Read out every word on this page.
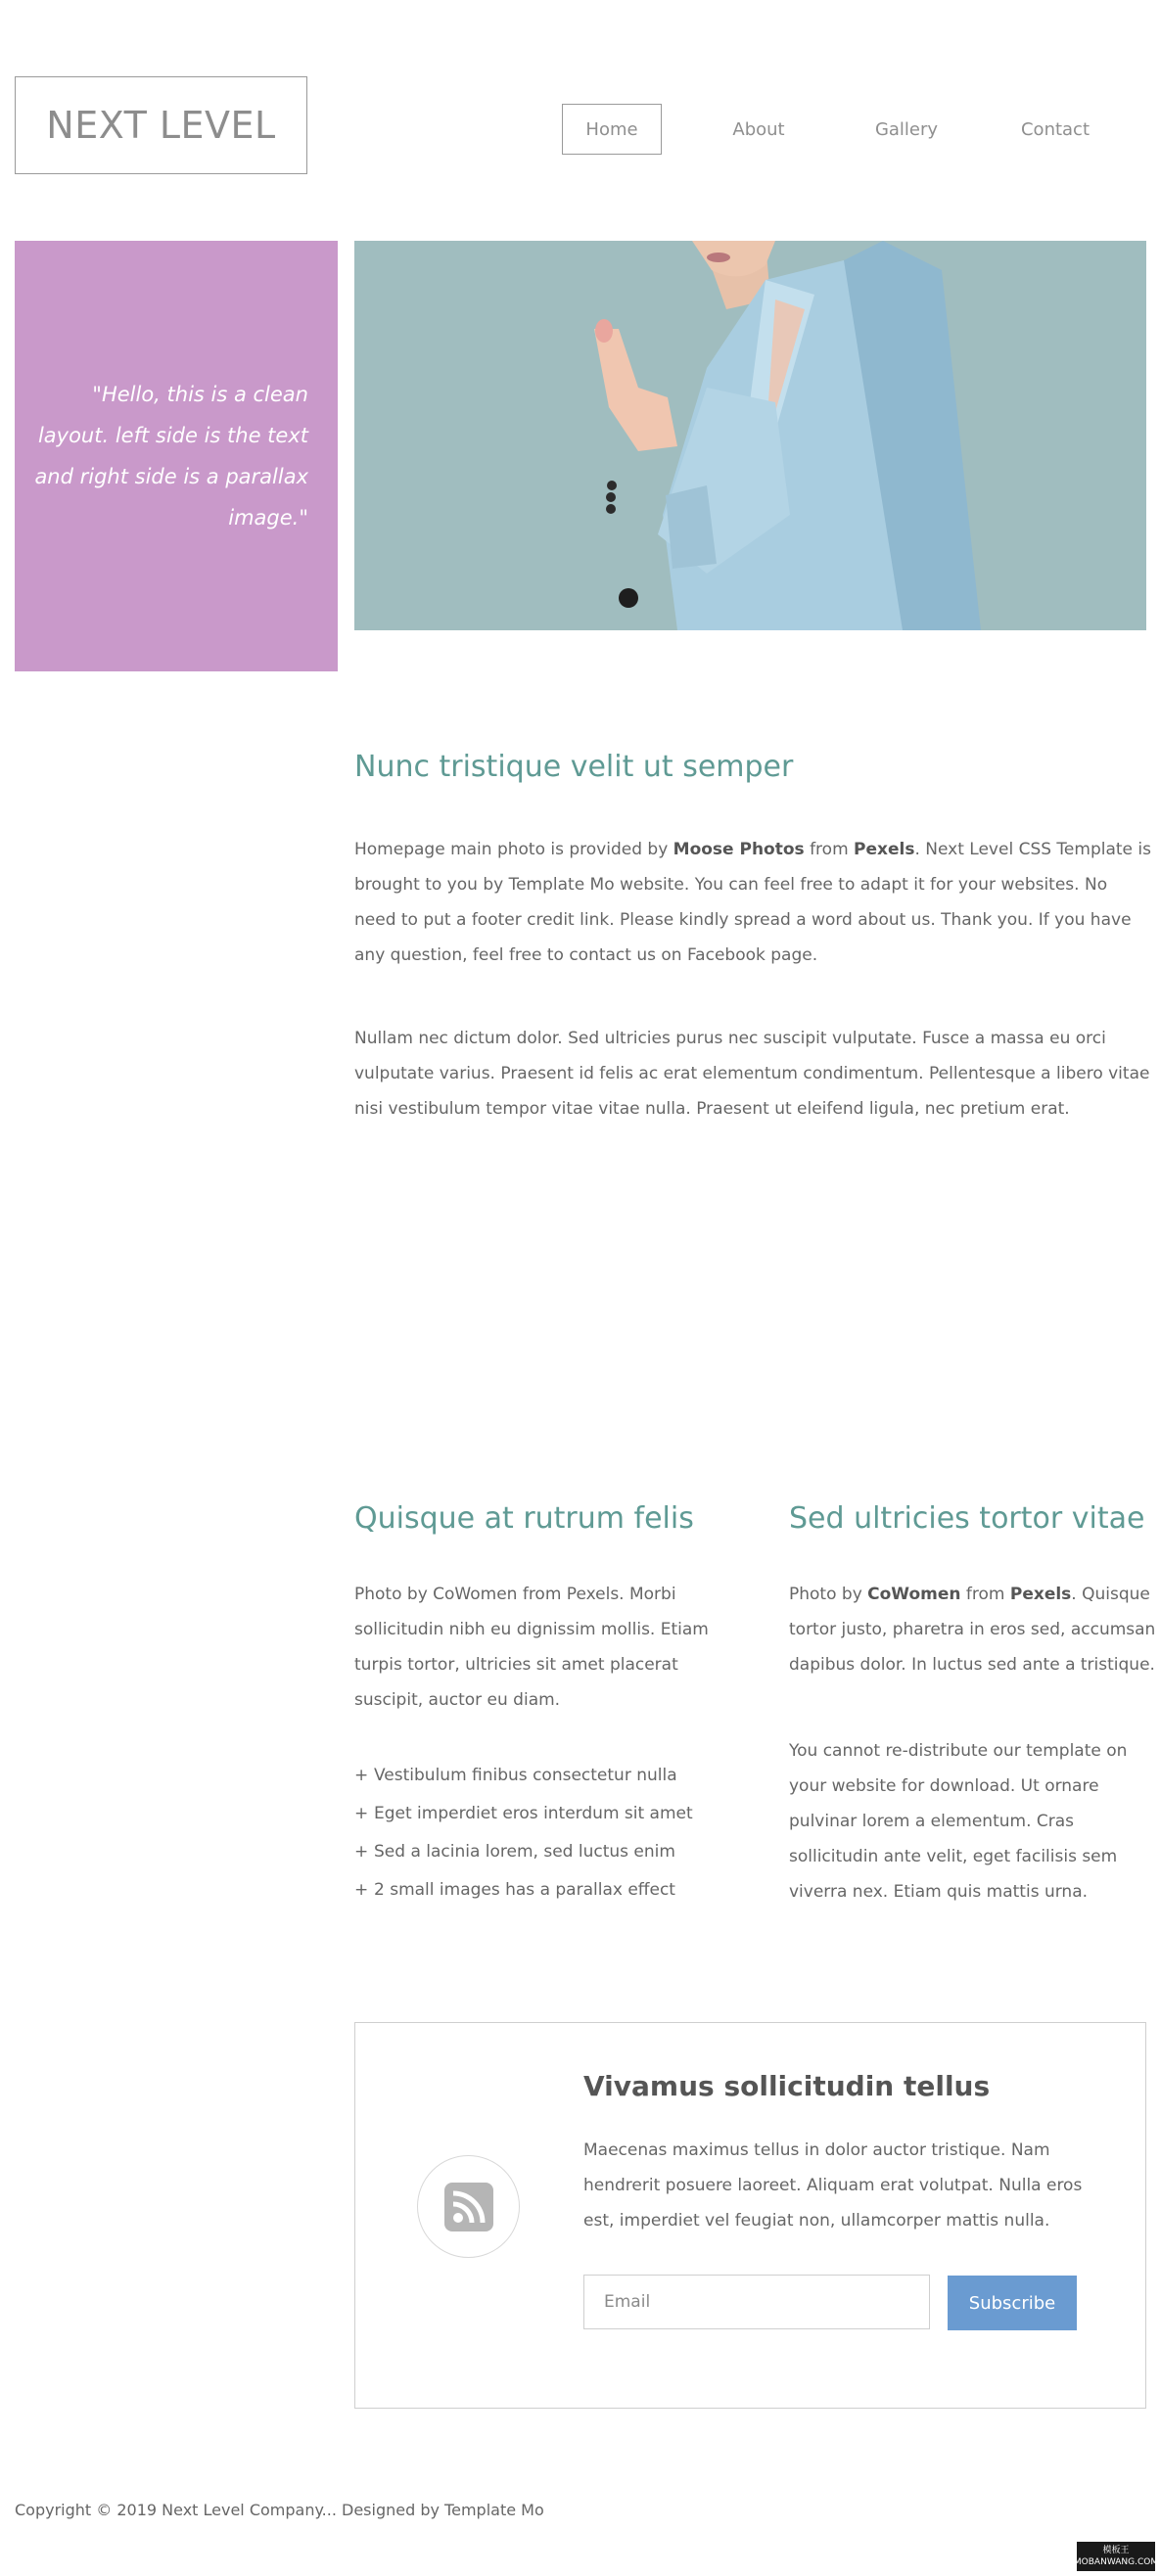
NEXT LEVEL	Home	About	Gallery	Contact

"Hello, this is a clean layout. left side is the text and right side is a parallax image."

Nunc tristique velit ut semper

Homepage main photo is provided by Moose Photos from Pexels. Next Level CSS Template is brought to you by Template Mo website. You can feel free to adapt it for your websites. No need to put a footer credit link. Please kindly spread a word about us. Thank you. If you have any question, feel free to contact us on Facebook page.

Nullam nec dictum dolor. Sed ultricies purus nec suscipit vulputate. Fusce a massa eu orci vulputate varius. Praesent id felis ac erat elementum condimentum. Pellentesque a libero vitae nisi vestibulum tempor vitae vitae nulla. Praesent ut eleifend ligula, nec pretium erat.

Quisque at rutrum felis

Photo by CoWomen from Pexels. Morbi sollicitudin nibh eu dignissim mollis. Etiam turpis tortor, ultricies sit amet placerat suscipit, auctor eu diam.

+ Vestibulum finibus consectetur nulla
+ Eget imperdiet eros interdum sit amet
+ Sed a lacinia lorem, sed luctus enim
+ 2 small images has a parallax effect
Sed ultricies tortor vitae

Photo by CoWomen from Pexels. Quisque tortor justo, pharetra in eros sed, accumsan dapibus dolor. In luctus sed ante a tristique.

You cannot re-distribute our template on your website for download. Ut ornare pulvinar lorem a elementum. Cras sollicitudin ante velit, eget facilisis sem viverra nex. Etiam quis mattis urna.

Vivamus sollicitudin tellus

Maecenas maximus tellus in dolor auctor tristique. Nam hendrerit posuere laoreet. Aliquam erat volutpat. Nulla eros est, imperdiet vel feugiat non, ullamcorper mattis nulla.

Email
Subscribe

Copyright © 2019 Next Level Company... Designed by Template Mo

模板王
MOBANWANG.COM
